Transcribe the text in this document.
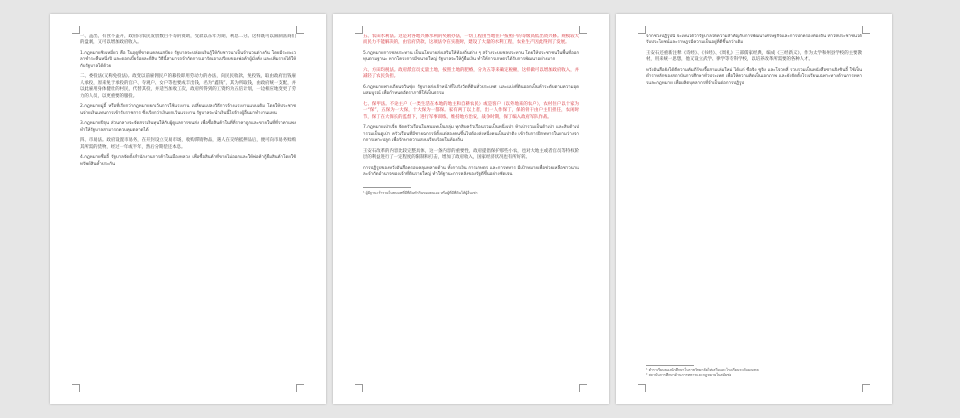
一、盖出，有食不盖开，政府向农民发放数目不等的资助，受款以东年为期，利息二分。这样既可以限制富商们的盘剥，又可以增加政府收入。

1.กฎหมายชิงเหมี่ยว คือ ในฤดูที่ขาดแคลนเสบียง รัฐบาลจะปล่อยเงินกู้ให้กับชาวนาเป็นจำนวนต่างกัน โดยมีระยะเวลาชำระคืนหนึ่งปี และดอกเบี้ยร้อยละยี่สิบ วิธีนี้สามารถจำกัดการเอารัดเอาเปรียบของพ่อค้าผู้มั่งคั่ง และเพิ่มรายได้ให้กับรัฐบาลได้ด้วย

二、委役法(又称免役法)。政变以前雇佣民户的募役即用劳动力的办法，向民民收款，免役钱，取由政府出钱雇人承役，原来免于承役的官户、寺观户、女户等也要成丰出钱，名为“鑫钱”，其为所取钱，由政府统一支配，并以此雇用身体健壮的村民，代替其役，并适当加收工次，政府所得到的工资约为五倍计划，一边相应地变更了劳力的人员，以更重要的服役。

2.กฎหมายมู่อี้ หรือที่เรียกว่ากฎหมายยกเว้นการใช้แรงงาน เปลี่ยนแปลงวิธีการจ้างแรงงานแบบเดิม โดยให้ประชาชนจ่ายเงินแทนการเข้ารับราชการ ซึ่งเรียกว่าเงินยกเว้นแรงงาน รัฐบาลจะนำเงินนี้ไปจ้างผู้อื่นมาทำงานแทน

3.กฎหมายปีจุน ส่วนกลางจะจัดสรรเงินทุนให้กับผู้ดูแลการขนส่ง เพื่อซื้อสินค้าในที่ที่ราคาถูกและขายในที่ที่ราคาแพง ทำให้รัฐบาลสามารถควบคุมตลาดได้

四、市易法。政府设置市易务，在开封设立交易市场，收购滞销物品，遇人在交纳抵押品后，便可向市易务赊购其所需的货物，经过一年或半年，然后分期偿还本息。

4.กฎหมายซื่ออี้ รัฐบาลจัดตั้งสำนักงานการค้าในเมืองหลวง เพื่อซื้อสินค้าที่ขายไม่ออกและให้พ่อค้ากู้ยืมสินค้าโดยใช้ทรัพย์สินค้ำประกัน

五、农田水利法。这是对各地兴修水利的奖励办法，一切工程由当地住户按照户的等级高低出资兴修。规模较大而民力不能解决的，由官府贷款，这项法令在实施时，建设了大量的水利工程，农业生产因此得到了发展。

5.กฎหมายการชลประทาน เป็นนโยบายส่งเสริมให้ท้องถิ่นต่าง ๆ สร้างระบบชลประทาน โดยให้ประชาชนในพื้นที่ออกทุนตามฐานะ หากโครงการมีขนาดใหญ่ รัฐบาลจะให้กู้ยืมเงิน ทำให้การเกษตรได้รับการพัฒนาอย่างมาก

六、方田均税法。政府派官员丈量土地，按照土地的肥瘠，分为五等来确定税额，这样做可以增加政府收入，并减轻了农民负担。

6.กฎหมายฟางเถียนจวินซุ่ย รัฐบาลส่งเจ้าหน้าที่ไปรังวัดที่ดินทั่วประเทศ และแบ่งที่ดินออกเป็นห้าระดับตามความอุดมสมบูรณ์ เพื่อกำหนดอัตราภาษีให้เป็นธรรม

七、保甲法。不论主户（一类生活在本地的地主和自耕农民）或是客户（以外地来的农户），农村住户以十家为一“保”，五保为一大保，十大保为一都保。家有两丁以上者，出一人作保丁，保的骨干由户主们担任，农闲时节，保丁在大保长的监督下，进行军事训练，维持地方治安，战争时期，保丁编入政府军队作战。

7.กฎหมายเป่าเจี่ย จัดครัวเรือนในชนบทเป็นกลุ่ม ทุกสิบครัวเรือนรวมเป็นหนึ่งเป่า ห้าเป่ารวมเป็นต้าเป่า และสิบต้าเป่ารวมเป็นตูเป่า ครัวเรือนที่มีชายฉกรรจ์ตั้งแต่สองคนขึ้นไปต้องส่งหนึ่งคนเป็นเป่าติง เข้ารับการฝึกทหารในยามว่างจากการเพาะปลูก เพื่อรักษาความสงบเรียบร้อยในท้องถิ่น

王安石改革的内容比较完整具体，这一条内容的重要性，政府提倡保护那些小农，也对大地主或者官员等特权阶层的利益进行了一定程度的限制和打击，增加了政府收入，国家经济状况也有所好转。

การปฏิรูปของหวังอันสือครอบคลุมหลายด้าน ทั้งการเงิน การเกษตร และการทหาร มีเป้าหมายเพื่อช่วยเหลือชาวนาและจำกัดอำนาจของเจ้าที่ดินรายใหญ่ ทำให้ฐานะการคลังของรัฐดีขึ้นอย่างชัดเจน

¹ ผู้มีฐานะร่ำรวยในชนบทที่มีที่ดินทำกินของตนเอง หรือผู้ที่มีที่ดินให้ผู้อื่นเช่า

จากช่วงปฏิรูปนี้ จะเห็นได้ว่ารัฐบาลให้ความสำคัญกับการพัฒนาเศรษฐกิจและการปกครองท้องถิ่น ทำให้ประชาชนได้รับประโยชน์และราษฎรมีความเป็นอยู่ที่ดีขึ้นกว่าเดิม

王安石还重新注释《诗经》、《书经》、《周礼》三部儒家经典，编成《三经新义》，作为太学和州县学校的主要教材，用来统一思想，他又设立武学、律学等专科学校，以培养改革所需要的各种人才。

หวังอันสือยังได้ตีความคัมภีร์ขงจื๊อสามเล่มใหม่ ได้แก่ ซือจิง ซูจิง และโจวหลี่ รวบรวมเป็นหนังสือซานจิงซินอี้ ใช้เป็นตำราหลักของสถาบันการศึกษาทั่วประเทศ เพื่อให้ความคิดเป็นเอกภาพ และยังจัดตั้งโรงเรียนเฉพาะทางด้านการทหารและกฎหมาย เพื่อผลิตบุคลากรที่จำเป็นต่อการปฏิรูป

¹ ตำราเรียนของนักศึกษาในราชวิทยาลัยไท่เสวียและโรงเรียนระดับมณฑล

² สถาบันการศึกษาด้านการทหารและกฎหมายในสมัยซ่ง
